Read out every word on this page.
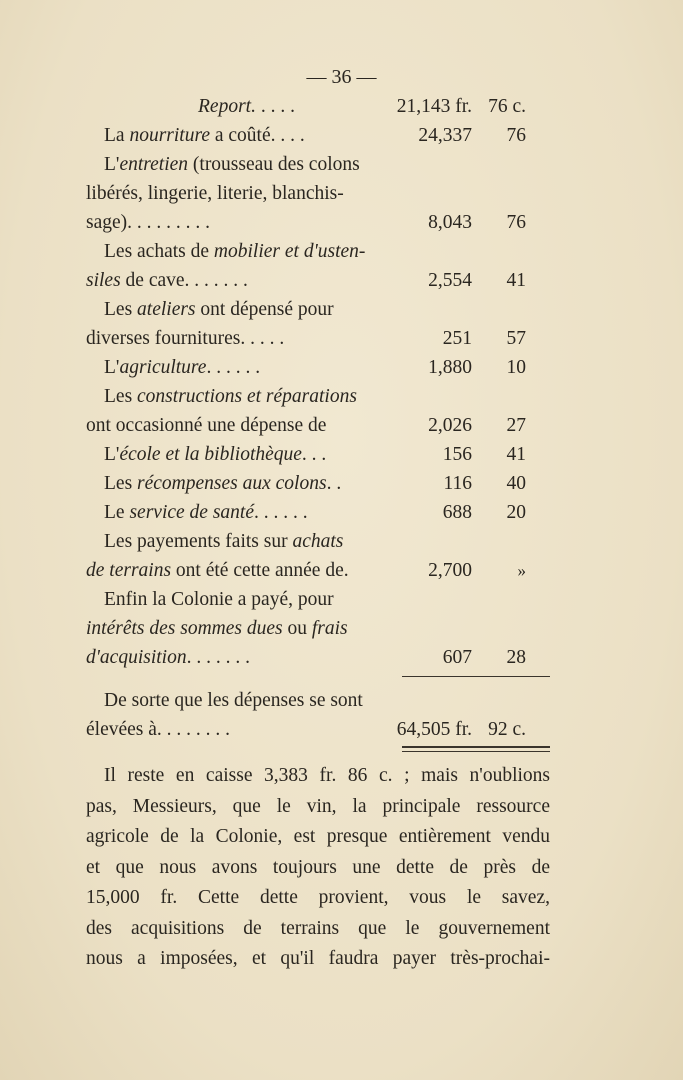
— 36 —
Report. . . . .	21,143 fr. 76 c.
La nourriture a coûté. . . .	24,337 76
L'entretien (trousseau des colons
libérés, lingerie, literie, blanchis-
sage). . . . . . . . .	8,043 76
Les achats de mobilier et d'usten-
siles de cave. . . . . . .	2,554 41
Les ateliers ont dépensé pour
diverses fournitures. . . . .	251 57
L'agriculture. . . . . .	1,880 10
Les constructions et réparations
ont occasionné une dépense de	2,026 27
L'école et la bibliothèque. . .	156 41
Les récompenses aux colons. .	116 40
Le service de santé. . . . . .	688 20
Les payements faits sur achats
de terrains ont été cette année de.	2,700	»
Enfin la Colonie a payé, pour
intérêts des sommes dues ou frais
d'acquisition. . . . . . .	607 28
De sorte que les dépenses se sont
élevées à. . . . . . . .	64,505 fr. 92 c.
Il reste en caisse 3,383 fr. 86 c. ; mais n'oublions
pas, Messieurs, que le vin, la principale ressource
agricole de la Colonie, est presque entièrement vendu
et que nous avons toujours une dette de près de
15,000 fr. Cette dette provient, vous le savez,
des acquisitions de terrains que le gouvernement
nous a imposées, et qu'il faudra payer très-prochai-
